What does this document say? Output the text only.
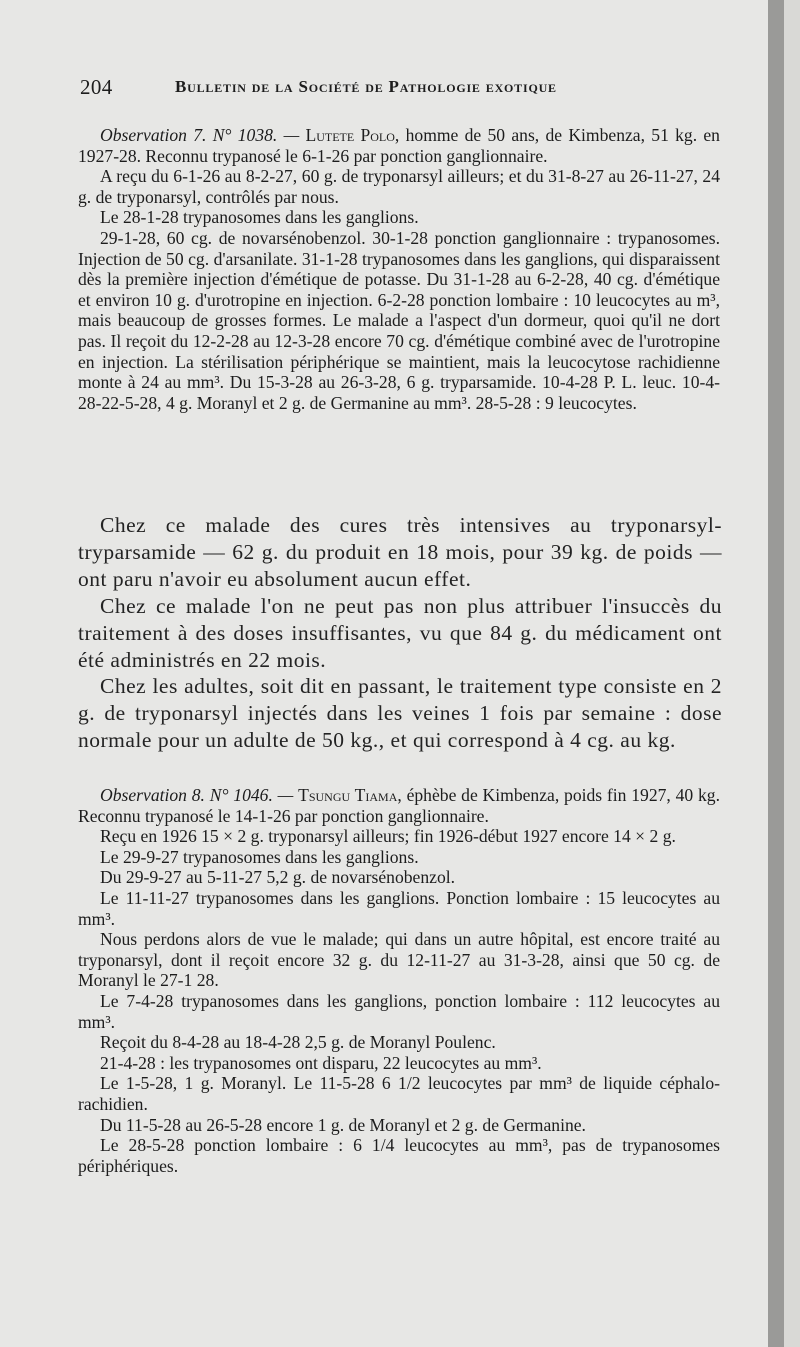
204	Bulletin de la Société de Pathologie exotique

Observation 7. N° 1038. — Lutete Polo, homme de 50 ans, de Kimbenza, 51 kg. en 1927-28. Reconnu trypanosé le 6-1-26 par ponction ganglionnaire.

A reçu du 6-1-26 au 8-2-27, 60 g. de tryponarsyl ailleurs; et du 31-8-27 au 26-11-27, 24 g. de tryponarsyl, contrôlés par nous.

Le 28-1-28 trypanosomes dans les ganglions.

29-1-28, 60 cg. de novarsénobenzol. 30-1-28 ponction ganglionnaire : trypanosomes. Injection de 50 cg. d'arsanilate. 31-1-28 trypanosomes dans les ganglions, qui disparaissent dès la première injection d'émétique de potasse. Du 31-1-28 au 6-2-28, 40 cg. d'émétique et environ 10 g. d'urotropine en injection. 6-2-28 ponction lombaire : 10 leucocytes au m³, mais beaucoup de grosses formes. Le malade a l'aspect d'un dormeur, quoi qu'il ne dort pas. Il reçoit du 12-2-28 au 12-3-28 encore 70 cg. d'émétique combiné avec de l'urotropine en injection. La stérilisation périphérique se maintient, mais la leucocytose rachidienne monte à 24 au mm³. Du 15-3-28 au 26-3-28, 6 g. tryparsamide. 10-4-28 P. L. leuc. 10-4-28-22-5-28, 4 g. Moranyl et 2 g. de Germanine au mm³. 28-5-28 : 9 leucocytes.

Chez ce malade des cures très intensives au tryponarsyl-tryparsamide — 62 g. du produit en 18 mois, pour 39 kg. de poids — ont paru n'avoir eu absolument aucun effet.

Chez ce malade l'on ne peut pas non plus attribuer l'insuccès du traitement à des doses insuffisantes, vu que 84 g. du médicament ont été administrés en 22 mois.

Chez les adultes, soit dit en passant, le traitement type consiste en 2 g. de tryponarsyl injectés dans les veines 1 fois par semaine : dose normale pour un adulte de 50 kg., et qui correspond à 4 cg. au kg.

Observation 8. N° 1046. — Tsungu Tiama, éphèbe de Kimbenza, poids fin 1927, 40 kg. Reconnu trypanosé le 14-1-26 par ponction ganglionnaire.

Reçu en 1926 15 × 2 g. tryponarsyl ailleurs; fin 1926-début 1927 encore 14 × 2 g.

Le 29-9-27 trypanosomes dans les ganglions.

Du 29-9-27 au 5-11-27 5,2 g. de novarsénobenzol.

Le 11-11-27 trypanosomes dans les ganglions. Ponction lombaire : 15 leucocytes au mm³.

Nous perdons alors de vue le malade; qui dans un autre hôpital, est encore traité au tryponarsyl, dont il reçoit encore 32 g. du 12-11-27 au 31-3-28, ainsi que 50 cg. de Moranyl le 27-1 28.

Le 7-4-28 trypanosomes dans les ganglions, ponction lombaire : 112 leucocytes au mm³.

Reçoit du 8-4-28 au 18-4-28 2,5 g. de Moranyl Poulenc.

21-4-28 : les trypanosomes ont disparu, 22 leucocytes au mm³.

Le 1-5-28, 1 g. Moranyl. Le 11-5-28 6 1/2 leucocytes par mm³ de liquide céphalo-rachidien.

Du 11-5-28 au 26-5-28 encore 1 g. de Moranyl et 2 g. de Germanine.

Le 28-5-28 ponction lombaire : 6 1/4 leucocytes au mm³, pas de trypanosomes périphériques.
